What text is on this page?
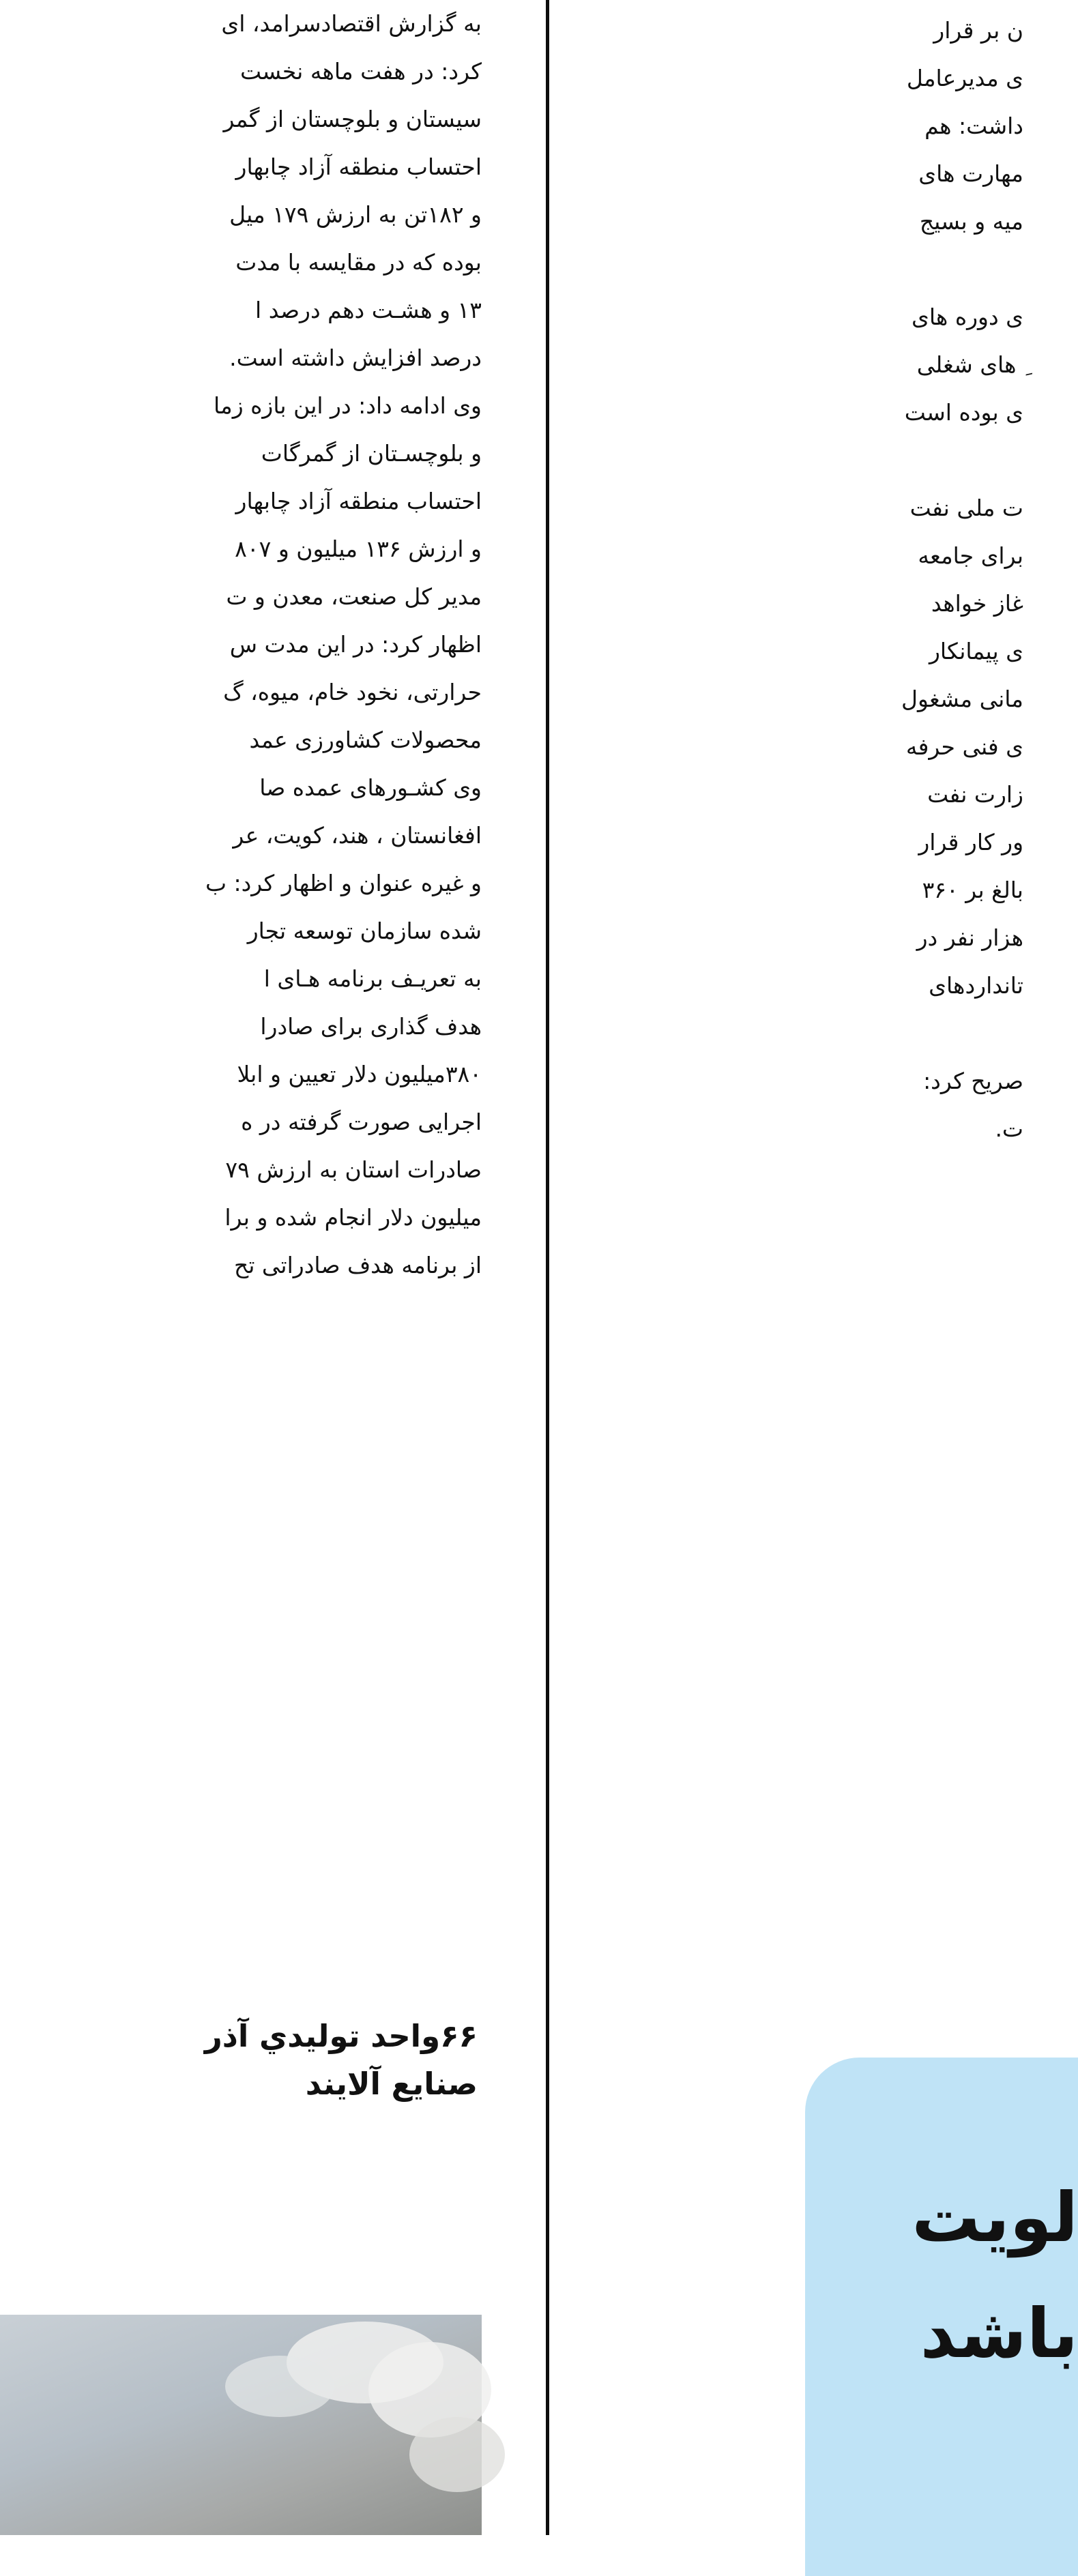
به گزارش اقتصادسرامد، ای
کرد: در هفت ماهه نخست
سیستان و بلوچستان از گمر
احتساب منطقه آزاد چابهار
و ۱۸۲تن به ارزش ۱۷۹ میل
بوده که در مقایسه با مدت
۱۳ و هشـت دهم درصد ا
درصد افزایش داشته است.
وی ادامه داد: در این بازه زما
و بلوچسـتان از گمرگات
احتساب منطقه آزاد چابهار
و ارزش ۱۳۶ میلیون و ۸۰۷
مدیر کل صنعت، معدن و ت
اظهار کرد: در این مدت س
حرارتی، نخود خام، میوه، گ
محصولات کشاورزی عمد
وی کشـورهای عمده صا
افغانستان ، هند، کویت، عر
و غیره عنوان و اظهار کرد: ب
شده سازمان توسعه تجار
به تعریـف برنامه هـای ا
هدف گذاری برای صادرا
۳۸۰میلیون دلار تعیین و ابلا
اجرایی صورت گرفته در ه
صادرات استان به ارزش ۷۹
میلیون دلار انجام شده و برا
از برنامه هدف صادراتی تح
۶۶واحد توليدي آذر
صنايع آلايند
ن بر قرار
ی مدیرعامل
داشت: هم
مهارت های
میه و بسیج
ی دوره های
ِ های شغلی
ی بوده است
ت ملی نفت
برای جامعه
غاز خواهد
ی پیمانکار
مانی مشغول
ی فنی حرفه
زارت نفت
ور کار قرار
بالغ بر ۳۶۰
هزار نفر در
تانداردهای
صریح کرد:
ت.
لویت
باشد
